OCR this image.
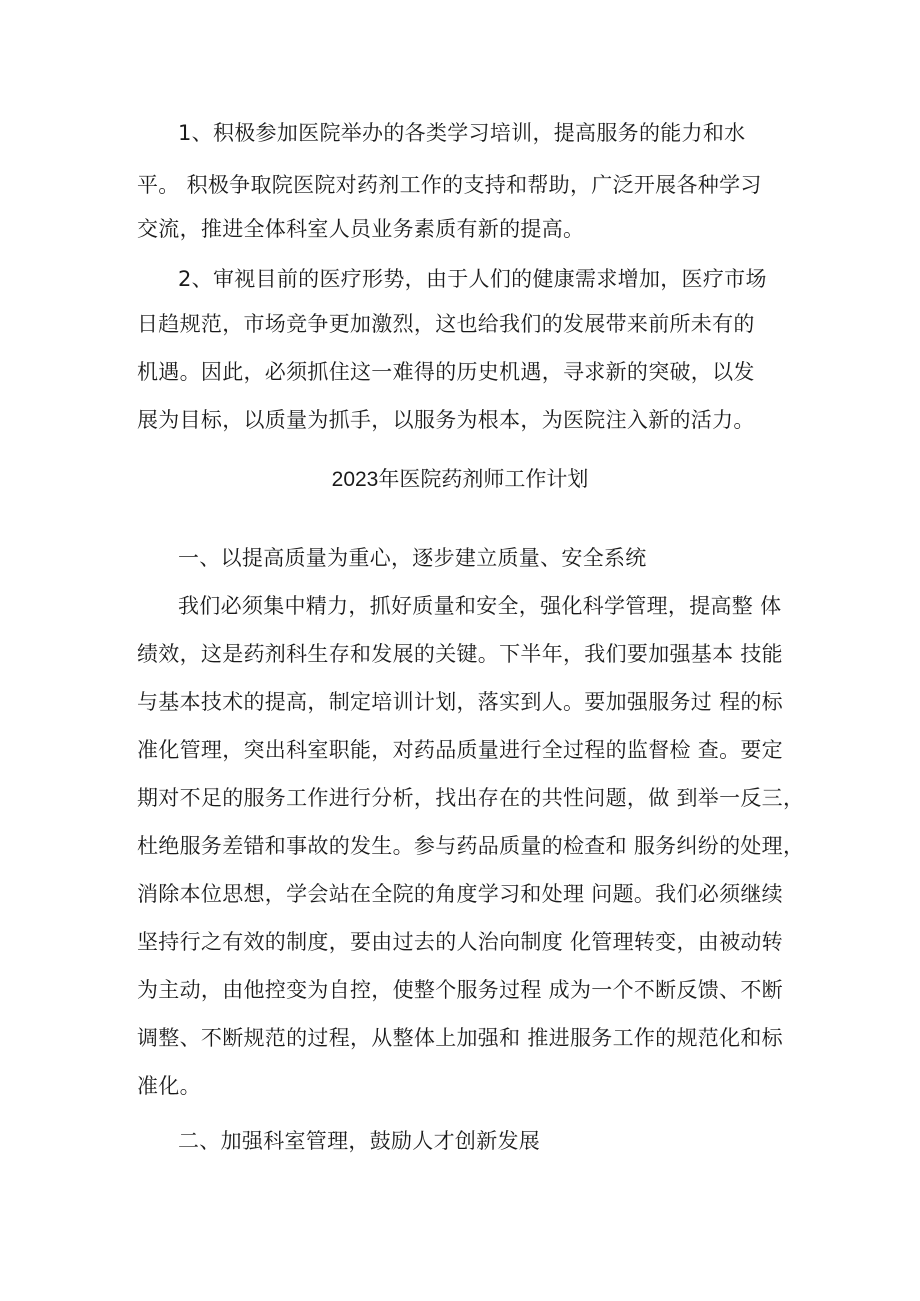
1、积极参加医院举办的各类学习培训，提高服务的能力和水
平。 积极争取院医院对药剂工作的支持和帮助，广泛开展各种学习
交流，推进全体科室人员业务素质有新的提高。
2、审视目前的医疗形势，由于人们的健康需求增加，医疗市场
日趋规范，市场竞争更加激烈，这也给我们的发展带来前所未有的
机遇。因此，必须抓住这一难得的历史机遇，寻求新的突破，以发
展为目标，以质量为抓手，以服务为根本，为医院注入新的活力。
2023年医院药剂师工作计划
一、以提高质量为重心，逐步建立质量、安全系统
我们必须集中精力，抓好质量和安全，强化科学管理，提高整 体
绩效，这是药剂科生存和发展的关键。下半年，我们要加强基本 技能
与基本技术的提高，制定培训计划，落实到人。要加强服务过 程的标
准化管理，突出科室职能，对药品质量进行全过程的监督检 查。要定
期对不足的服务工作进行分析，找出存在的共性问题，做 到举一反三，
杜绝服务差错和事故的发生。参与药品质量的检查和 服务纠纷的处理，
消除本位思想，学会站在全院的角度学习和处理 问题。我们必须继续
坚持行之有效的制度，要由过去的人治向制度 化管理转变，由被动转
为主动，由他控变为自控，使整个服务过程 成为一个不断反馈、不断
调整、不断规范的过程，从整体上加强和 推进服务工作的规范化和标
准化。
二、加强科室管理，鼓励人才创新发展
